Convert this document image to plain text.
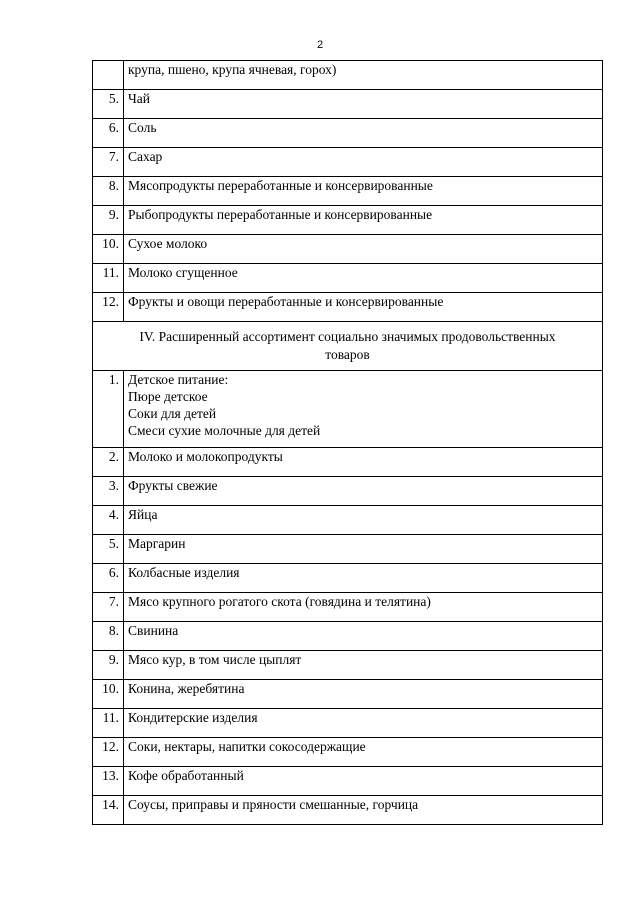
2
	крупа, пшено, крупа ячневая, горох)
5.	Чай
6.	Соль
7.	Сахар
8.	Мясопродукты переработанные и консервированные
9.	Рыбопродукты переработанные и консервированные
10.	Сухое молоко
11.	Молоко сгущенное
12.	Фрукты и овощи переработанные и консервированные
IV. Расширенный ассортимент социально значимых продовольственных товаров	
1.	Детское питание:
Пюре детское
Соки для детей
Смеси сухие молочные для детей

2.	Молоко и молокопродукты
3.	Фрукты свежие
4.	Яйца
5.	Маргарин
6.	Колбасные изделия
7.	Мясо крупного рогатого скота (говядина и телятина)
8.	Свинина
9.	Мясо кур, в том числе цыплят
10.	Конина, жеребятина
11.	Кондитерские изделия
12.	Соки, нектары, напитки сокосодержащие
13.	Кофе обработанный
14.	Соусы, приправы и пряности смешанные, горчица
